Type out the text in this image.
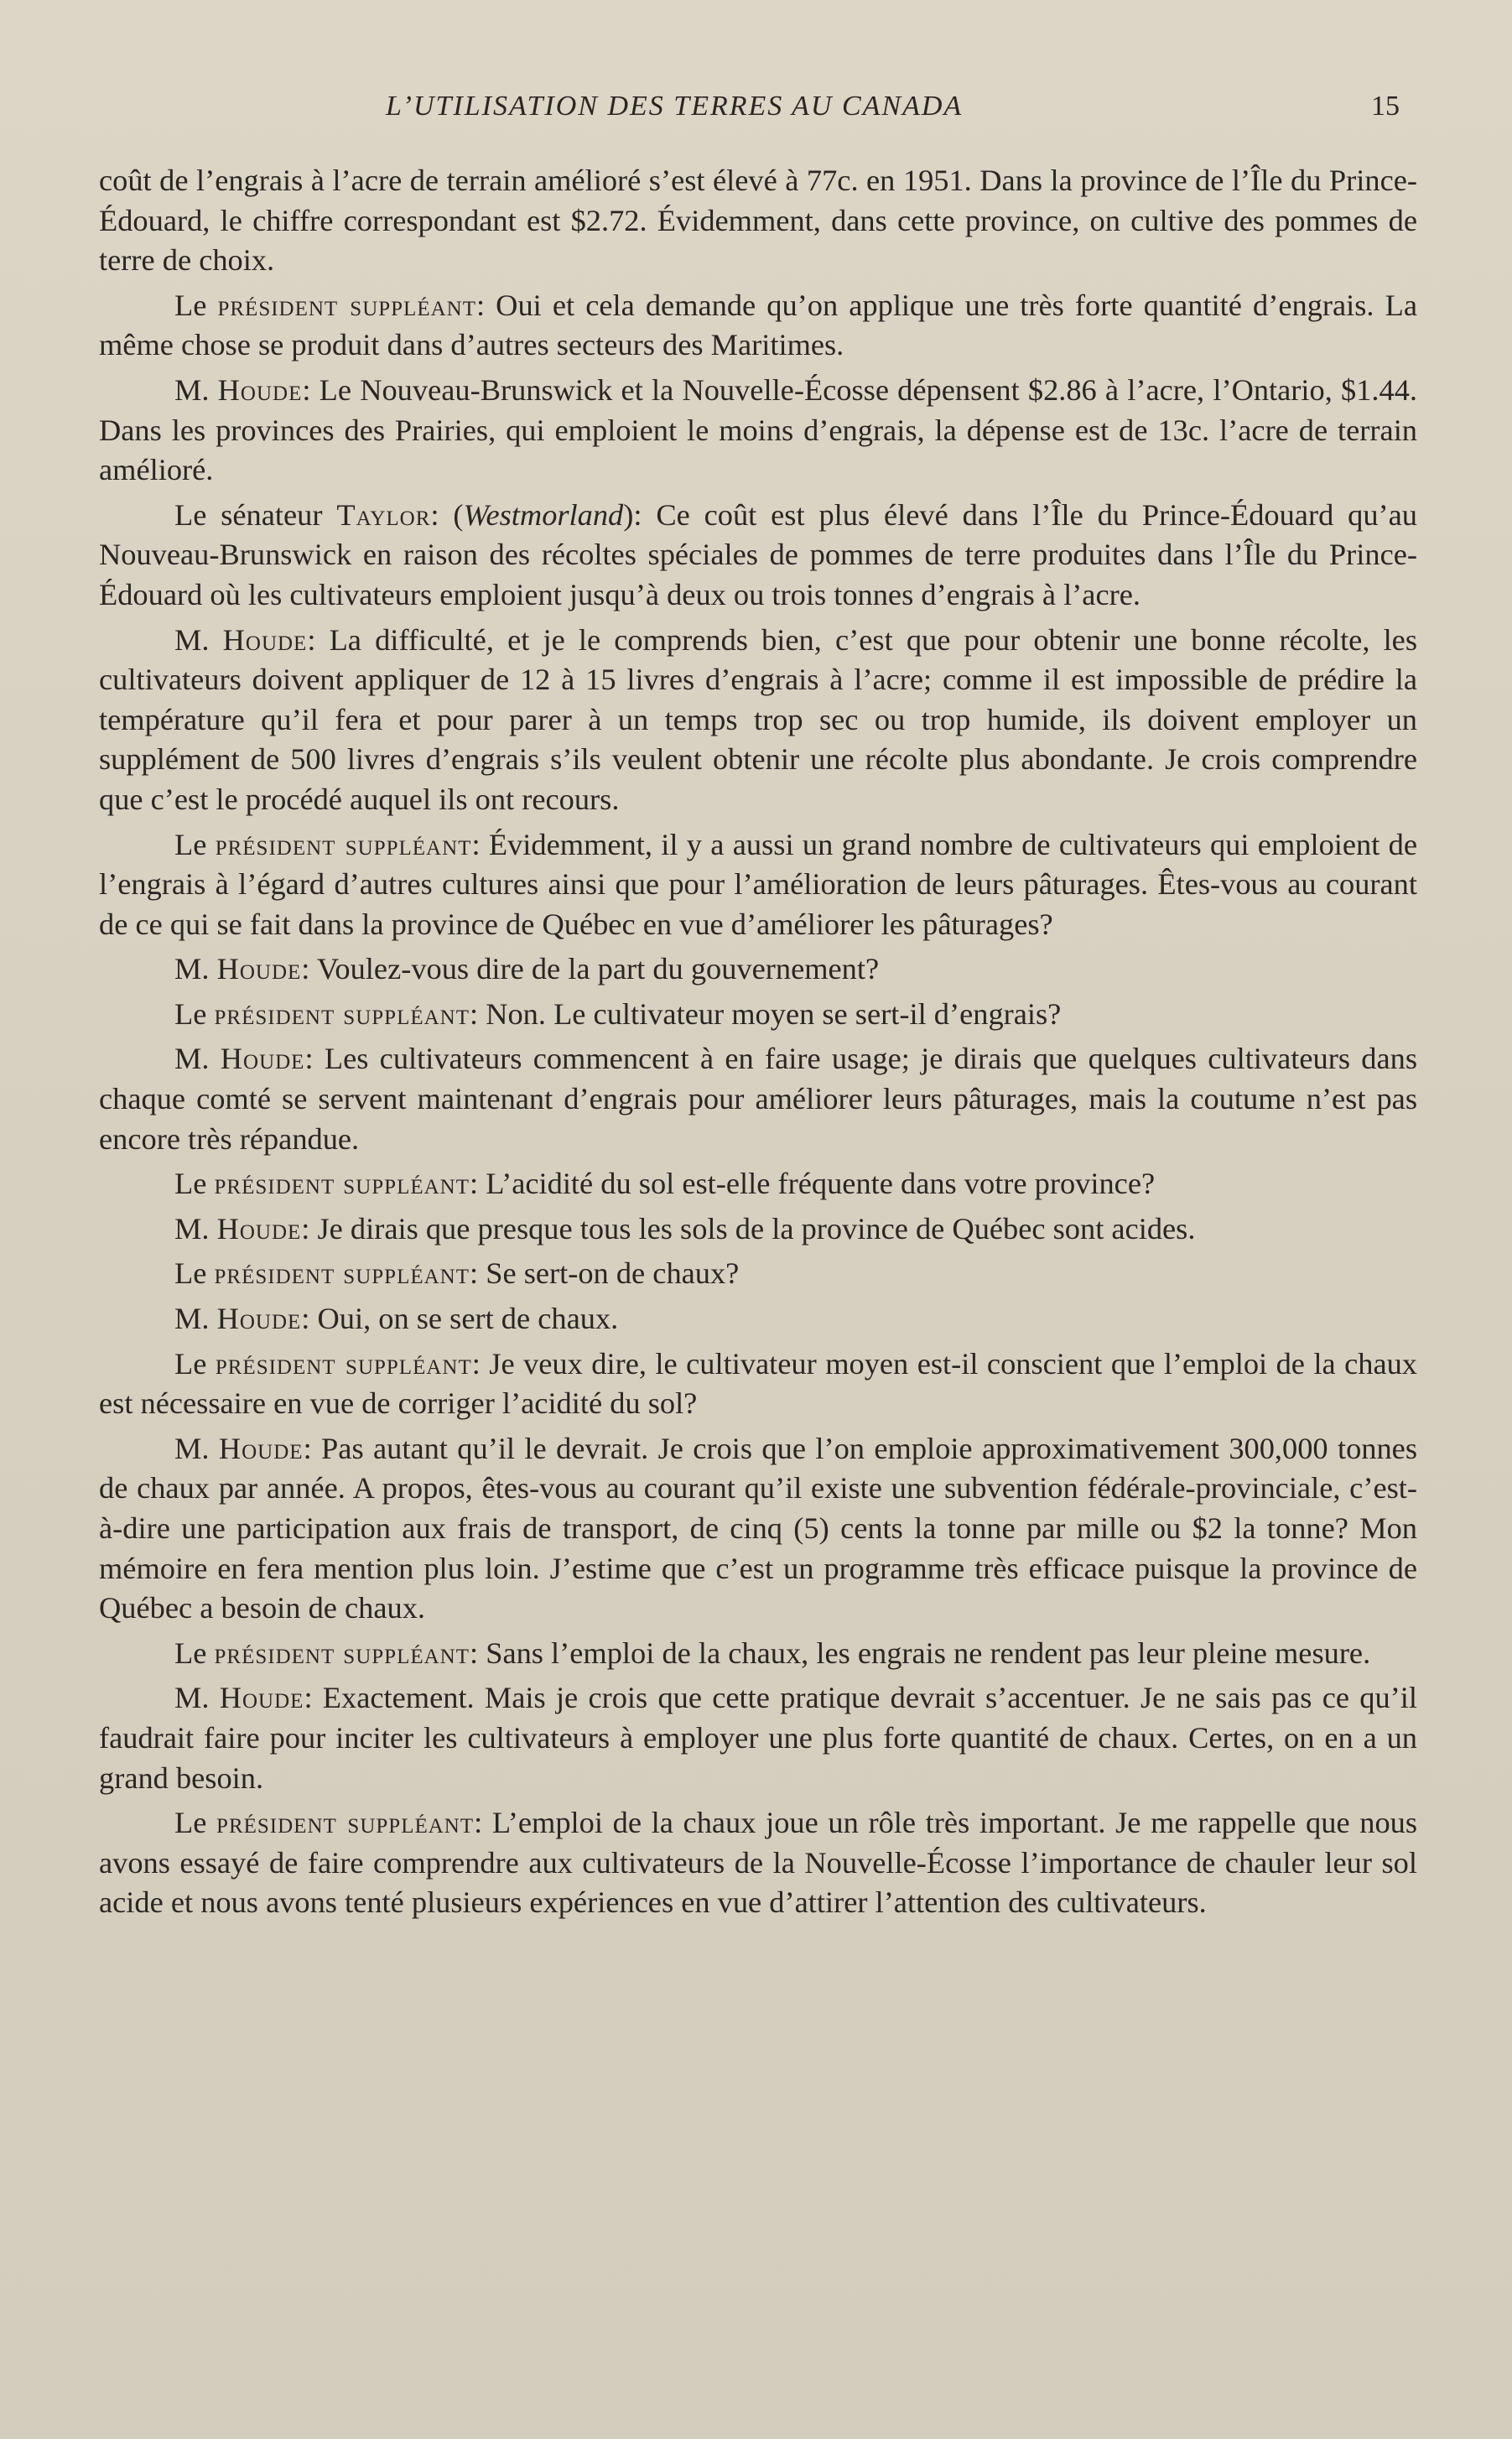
L’UTILISATION DES TERRES AU CANADA	15

coût de l’engrais à l’acre de terrain amélioré s’est élevé à 77c. en 1951. Dans la province de l’Île du Prince-Édouard, le chiffre correspondant est $2.72. Évidemment, dans cette province, on cultive des pommes de terre de choix.

Le président suppléant: Oui et cela demande qu’on applique une très forte quantité d’engrais. La même chose se produit dans d’autres secteurs des Maritimes.

M. Houde: Le Nouveau-Brunswick et la Nouvelle-Écosse dépensent $2.86 à l’acre, l’Ontario, $1.44. Dans les provinces des Prairies, qui emploient le moins d’engrais, la dépense est de 13c. l’acre de terrain amélioré.

Le sénateur Taylor: (Westmorland): Ce coût est plus élevé dans l’Île du Prince-Édouard qu’au Nouveau-Brunswick en raison des récoltes spéciales de pommes de terre produites dans l’Île du Prince-Édouard où les cultivateurs emploient jusqu’à deux ou trois tonnes d’engrais à l’acre.

M. Houde: La difficulté, et je le comprends bien, c’est que pour obtenir une bonne récolte, les cultivateurs doivent appliquer de 12 à 15 livres d’engrais à l’acre; comme il est impossible de prédire la température qu’il fera et pour parer à un temps trop sec ou trop humide, ils doivent employer un supplément de 500 livres d’engrais s’ils veulent obtenir une récolte plus abondante. Je crois comprendre que c’est le procédé auquel ils ont recours.

Le président suppléant: Évidemment, il y a aussi un grand nombre de cultivateurs qui emploient de l’engrais à l’égard d’autres cultures ainsi que pour l’amélioration de leurs pâturages. Êtes-vous au courant de ce qui se fait dans la province de Québec en vue d’améliorer les pâturages?

M. Houde: Voulez-vous dire de la part du gouvernement?

Le président suppléant: Non. Le cultivateur moyen se sert-il d’engrais?

M. Houde: Les cultivateurs commencent à en faire usage; je dirais que quelques cultivateurs dans chaque comté se servent maintenant d’engrais pour améliorer leurs pâturages, mais la coutume n’est pas encore très répandue.

Le président suppléant: L’acidité du sol est-elle fréquente dans votre province?

M. Houde: Je dirais que presque tous les sols de la province de Québec sont acides.

Le président suppléant: Se sert-on de chaux?

M. Houde: Oui, on se sert de chaux.

Le président suppléant: Je veux dire, le cultivateur moyen est-il conscient que l’emploi de la chaux est nécessaire en vue de corriger l’acidité du sol?

M. Houde: Pas autant qu’il le devrait. Je crois que l’on emploie approximativement 300,000 tonnes de chaux par année. A propos, êtes-vous au courant qu’il existe une subvention fédérale-provinciale, c’est-à-dire une participation aux frais de transport, de cinq (5) cents la tonne par mille ou $2 la tonne? Mon mémoire en fera mention plus loin. J’estime que c’est un programme très efficace puisque la province de Québec a besoin de chaux.

Le président suppléant: Sans l’emploi de la chaux, les engrais ne rendent pas leur pleine mesure.

M. Houde: Exactement. Mais je crois que cette pratique devrait s’accentuer. Je ne sais pas ce qu’il faudrait faire pour inciter les cultivateurs à employer une plus forte quantité de chaux. Certes, on en a un grand besoin.

Le président suppléant: L’emploi de la chaux joue un rôle très important. Je me rappelle que nous avons essayé de faire comprendre aux cultivateurs de la Nouvelle-Écosse l’importance de chauler leur sol acide et nous avons tenté plusieurs expériences en vue d’attirer l’attention des cultivateurs.
